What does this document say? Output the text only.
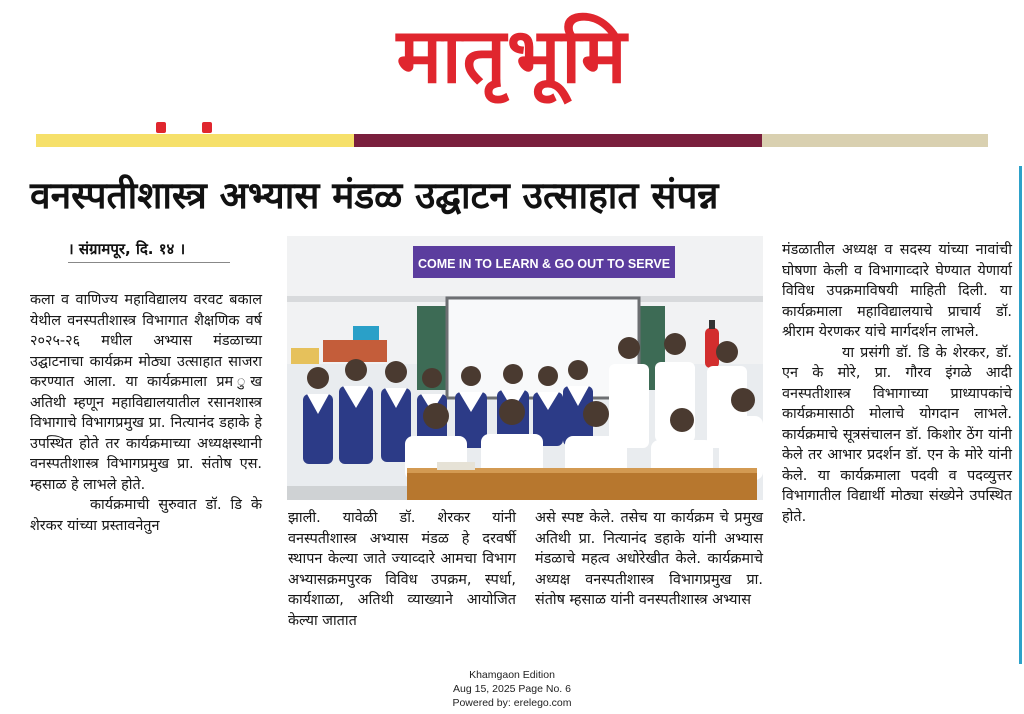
मातृभूमि
वनस्पतीशास्त्र अभ्यास मंडळ उद्घाटन उत्साहात संपन्न
। संग्रामपूर, दि. १४ ।

कला व वाणिज्य महाविद्यालय वरवट बकाल येथील वनस्पतीशास्त्र विभागात शैक्षणिक वर्ष २०२५-२६ मधील अभ्यास मंडळाच्या उद्घाटनाचा कार्यक्रम मोठ्या उत्साहात साजरा करण्यात आला. या कार्यक्रमाला प्रम ुख अतिथी म्हणून महाविद्यालयातील रसानशास्त्र विभागाचे विभागप्रमुख प्रा. नित्यानंद डहाके हे उपस्थित होते तर कार्यक्रमाच्या अध्यक्षस्थानी वनस्पतीशास्त्र विभागप्रमुख प्रा. संतोष एस. म्हसाळ हे लाभले होते.

कार्यक्रमाची सुरुवात डॉ. डि के शेरकर यांच्या प्रस्तावनेतुन

COME IN TO LEARN & GO OUT TO SERVE

झाली. यावेळी डॉ. शेरकर यांनी वनस्पतीशास्त्र अभ्यास मंडळ हे दरवर्षी स्थापन केल्या जाते ज्याव्दारे आमचा विभाग अभ्यासक्रमपुरक विविध उपक्रम, स्पर्धा, कार्यशाळा, अतिथी व्याख्याने आयोजित केल्या जातात

असे स्पष्ट केले. तसेच या कार्यक्रम चे प्रमुख अतिथी प्रा. नित्यानंद डहाके यांनी अभ्यास मंडळाचे महत्व अधोरेखीत केले. कार्यक्रमाचे अध्यक्ष वनस्पतीशास्त्र विभागप्रमुख प्रा. संतोष म्हसाळ यांनी वनस्पतीशास्त्र अभ्यास

मंडळातील अध्यक्ष व सदस्य यांच्या नावांची घोषणा केली व विभागाव्दारे घेण्यात येणार्या विविध उपक्रमाविषयी माहिती दिली. या कार्यक्रमाला महाविद्यालयाचे प्राचार्य डॉ. श्रीराम येरणकर यांचे मार्गदर्शन लाभले.

या प्रसंगी डॉ. डि के शेरकर, डॉ. एन के मोरे, प्रा. गौरव इंगळे आदी वनस्पतीशास्त्र विभागाच्या प्राध्यापकांचे कार्यक्रमासाठी मोलाचे योगदान लाभले. कार्यक्रमाचे सूत्रसंचालन डॉ. किशोर ठेंग यांनी केले तर आभार प्रदर्शन डॉ. एन के मोरे यांनी केले. या कार्यक्रमाला पदवी व पदव्युत्तर विभागातील विद्यार्थी मोठ्या संख्येने उपस्थित होते.

Khamgaon Edition
Aug 15, 2025 Page No. 6
Powered by: erelego.com
